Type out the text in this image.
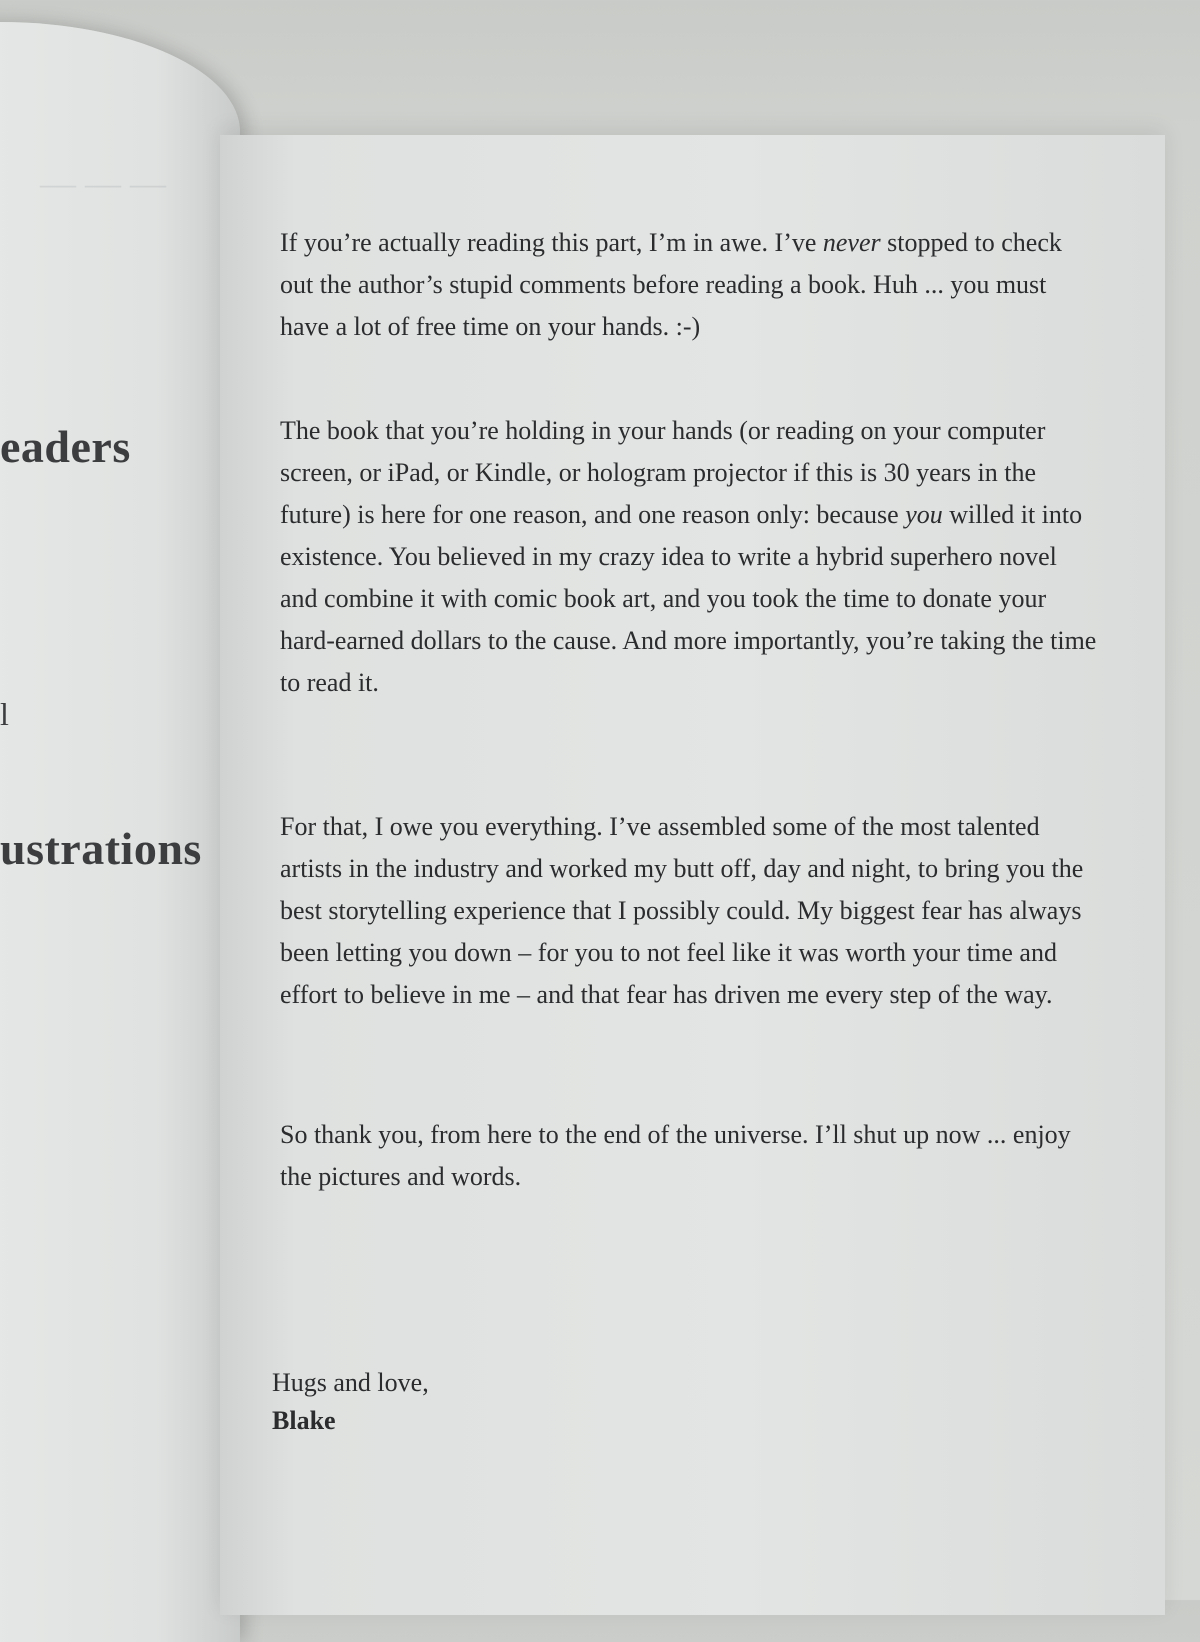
— — —
eaders
l
ustrations

If you’re actually reading this part, I’m in awe. I’ve never stopped to check out the author’s stupid comments before reading a book. Huh ... you must have a lot of free time on your hands. :-)

The book that you’re holding in your hands (or reading on your computer screen, or iPad, or Kindle, or hologram projector if this is 30 years in the future) is here for one reason, and one reason only: because you willed it into existence. You believed in my crazy idea to write a hybrid superhero novel and combine it with comic book art, and you took the time to donate your hard-earned dollars to the cause. And more importantly, you’re taking the time to read it.

For that, I owe you everything. I’ve assembled some of the most talented artists in the industry and worked my butt off, day and night, to bring you the best storytelling experience that I possibly could. My biggest fear has always been letting you down – for you to not feel like it was worth your time and effort to believe in me – and that fear has driven me every step of the way.

So thank you, from here to the end of the universe. I’ll shut up now ... enjoy the pictures and words.

Hugs and love,
Blake
